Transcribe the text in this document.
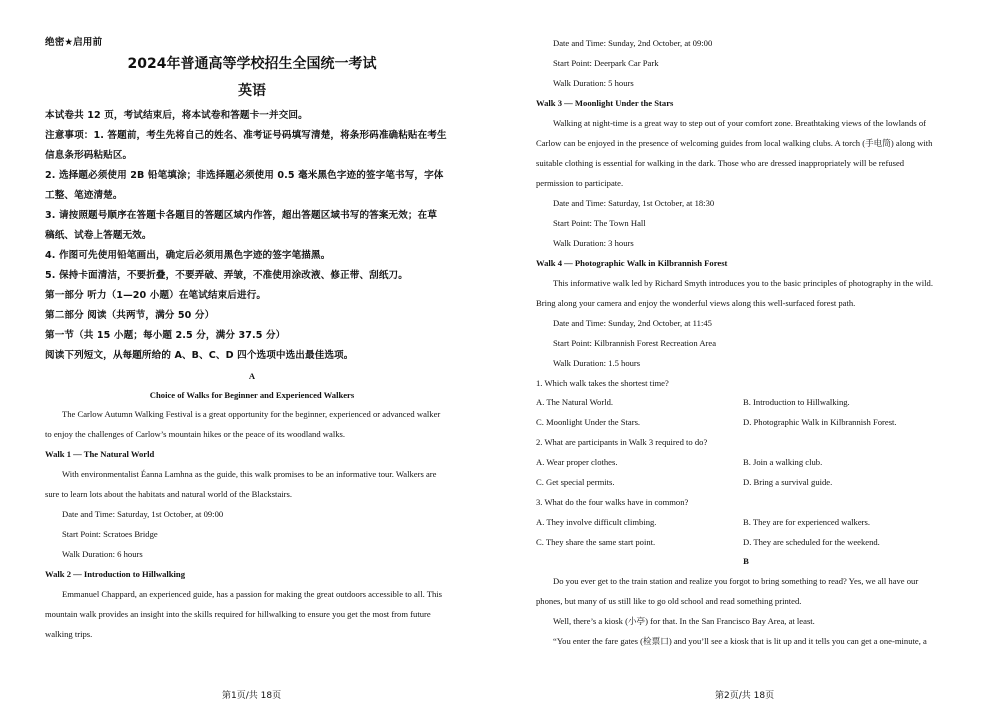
绝密★启用前
2024年普通高等学校招生全国统一考试
英语
本试卷共 12 页，考试结束后，将本试卷和答题卡一并交回。
注意事项：1. 答题前，考生先将自己的姓名、准考证号码填写清楚，将条形码准确粘贴在考生
信息条形码粘贴区。
2. 选择题必须使用 2B 铅笔填涂；非选择题必须使用 0.5 毫米黑色字迹的签字笔书写，字体
工整、笔迹清楚。
3. 请按照题号顺序在答题卡各题目的答题区域内作答，超出答题区域书写的答案无效；在草
稿纸、试卷上答题无效。
4. 作图可先使用铅笔画出，确定后必须用黑色字迹的签字笔描黑。
5. 保持卡面清洁，不要折叠，不要弄破、弄皱，不准使用涂改液、修正带、刮纸刀。
第一部分 听力（1—20 小题）在笔试结束后进行。
第二部分 阅读（共两节，满分 50 分）
第一节（共 15 小题；每小题 2.5 分，满分 37.5 分）
阅读下列短文，从每题所给的 A、B、C、D 四个选项中选出最佳选项。
A
Choice of Walks for Beginner and Experienced Walkers
The Carlow Autumn Walking Festival is a great opportunity for the beginner, experienced or advanced walker
to enjoy the challenges of Carlow’s mountain hikes or the peace of its woodland walks.
Walk 1 — The Natural World
With environmentalist Éanna Lamhna as the guide, this walk promises to be an informative tour. Walkers are
sure to learn lots about the habitats and natural world of the Blackstairs.
Date and Time: Saturday, 1st October, at 09:00
Start Point: Scratoes Bridge
Walk Duration: 6 hours
Walk 2 — Introduction to Hillwalking
Emmanuel Chappard, an experienced guide, has a passion for making the great outdoors accessible to all. This
mountain walk provides an insight into the skills required for hillwalking to ensure you get the most from future
walking trips.
第1页/共 18页
Date and Time: Sunday, 2nd October, at 09:00
Start Point: Deerpark Car Park
Walk Duration: 5 hours
Walk 3 — Moonlight Under the Stars
Walking at night-time is a great way to step out of your comfort zone. Breathtaking views of the lowlands of
Carlow can be enjoyed in the presence of welcoming guides from local walking clubs. A torch (手电筒) along with
suitable clothing is essential for walking in the dark. Those who are dressed inappropriately will be refused
permission to participate.
Date and Time: Saturday, 1st October, at 18:30
Start Point: The Town Hall
Walk Duration: 3 hours
Walk 4 — Photographic Walk in Kilbrannish Forest
This informative walk led by Richard Smyth introduces you to the basic principles of photography in the wild.
Bring along your camera and enjoy the wonderful views along this well-surfaced forest path.
Date and Time: Sunday, 2nd October, at 11:45
Start Point: Kilbrannish Forest Recreation Area
Walk Duration: 1.5 hours
1. Which walk takes the shortest time?
A. The Natural World.	B. Introduction to Hillwalking.
C. Moonlight Under the Stars.	D. Photographic Walk in Kilbrannish Forest.
2. What are participants in Walk 3 required to do?
A. Wear proper clothes.	B. Join a walking club.
C. Get special permits.	D. Bring a survival guide.
3. What do the four walks have in common?
A. They involve difficult climbing.	B. They are for experienced walkers.
C. They share the same start point.	D. They are scheduled for the weekend.
B
Do you ever get to the train station and realize you forgot to bring something to read? Yes, we all have our
phones, but many of us still like to go old school and read something printed.
Well, there’s a kiosk (小亭) for that. In the San Francisco Bay Area, at least.
“You enter the fare gates (检票口) and you’ll see a kiosk that is lit up and it tells you can get a one-minute, a
第2页/共 18页
